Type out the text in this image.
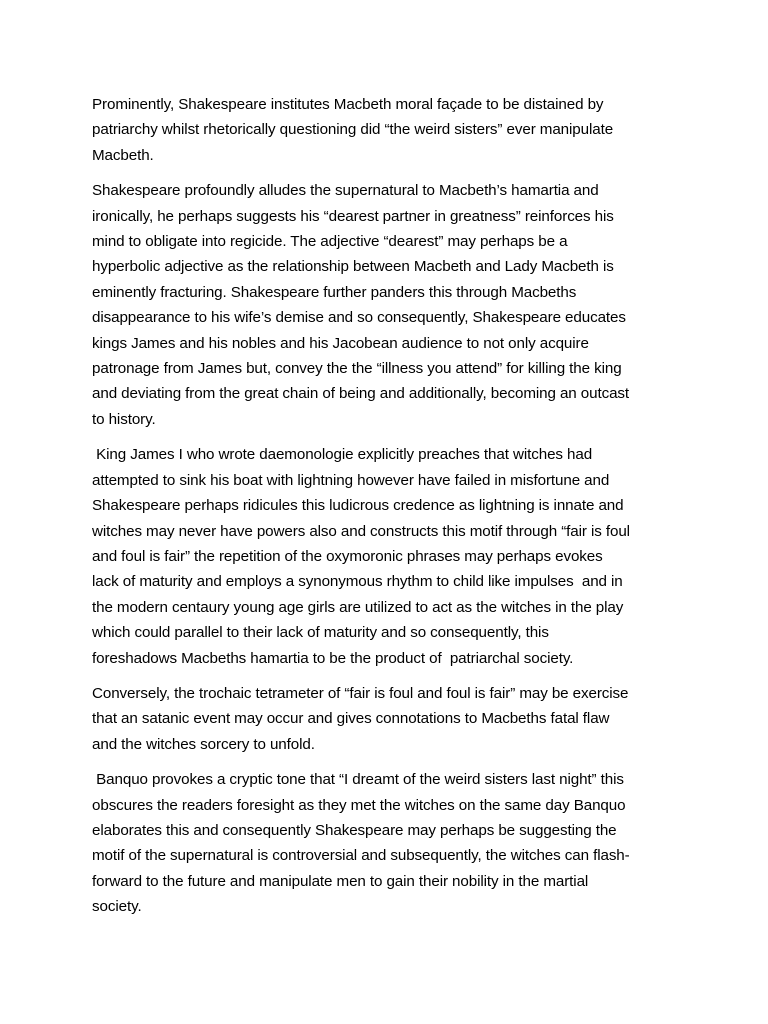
Prominently, Shakespeare institutes Macbeth moral façade to be distained by
patriarchy whilst rhetorically questioning did “the weird sisters” ever manipulate
Macbeth.

Shakespeare profoundly alludes the supernatural to Macbeth’s hamartia and
ironically, he perhaps suggests his “dearest partner in greatness” reinforces his
mind to obligate into regicide. The adjective “dearest” may perhaps be a
hyperbolic adjective as the relationship between Macbeth and Lady Macbeth is
eminently fracturing. Shakespeare further panders this through Macbeths
disappearance to his wife’s demise and so consequently, Shakespeare educates
kings James and his nobles and his Jacobean audience to not only acquire
patronage from James but, convey the the “illness you attend” for killing the king
and deviating from the great chain of being and additionally, becoming an outcast
to history.

King James I who wrote daemonologie explicitly preaches that witches had
attempted to sink his boat with lightning however have failed in misfortune and
Shakespeare perhaps ridicules this ludicrous credence as lightning is innate and
witches may never have powers also and constructs this motif through “fair is foul
and foul is fair” the repetition of the oxymoronic phrases may perhaps evokes
lack of maturity and employs a synonymous rhythm to child like impulses  and in
the modern centaury young age girls are utilized to act as the witches in the play
which could parallel to their lack of maturity and so consequently, this
foreshadows Macbeths hamartia to be the product of  patriarchal society.

Conversely, the trochaic tetrameter of “fair is foul and foul is fair” may be exercise
that an satanic event may occur and gives connotations to Macbeths fatal flaw
and the witches sorcery to unfold.

Banquo provokes a cryptic tone that “I dreamt of the weird sisters last night” this
obscures the readers foresight as they met the witches on the same day Banquo
elaborates this and consequently Shakespeare may perhaps be suggesting the
motif of the supernatural is controversial and subsequently, the witches can flash-
forward to the future and manipulate men to gain their nobility in the martial
society.
